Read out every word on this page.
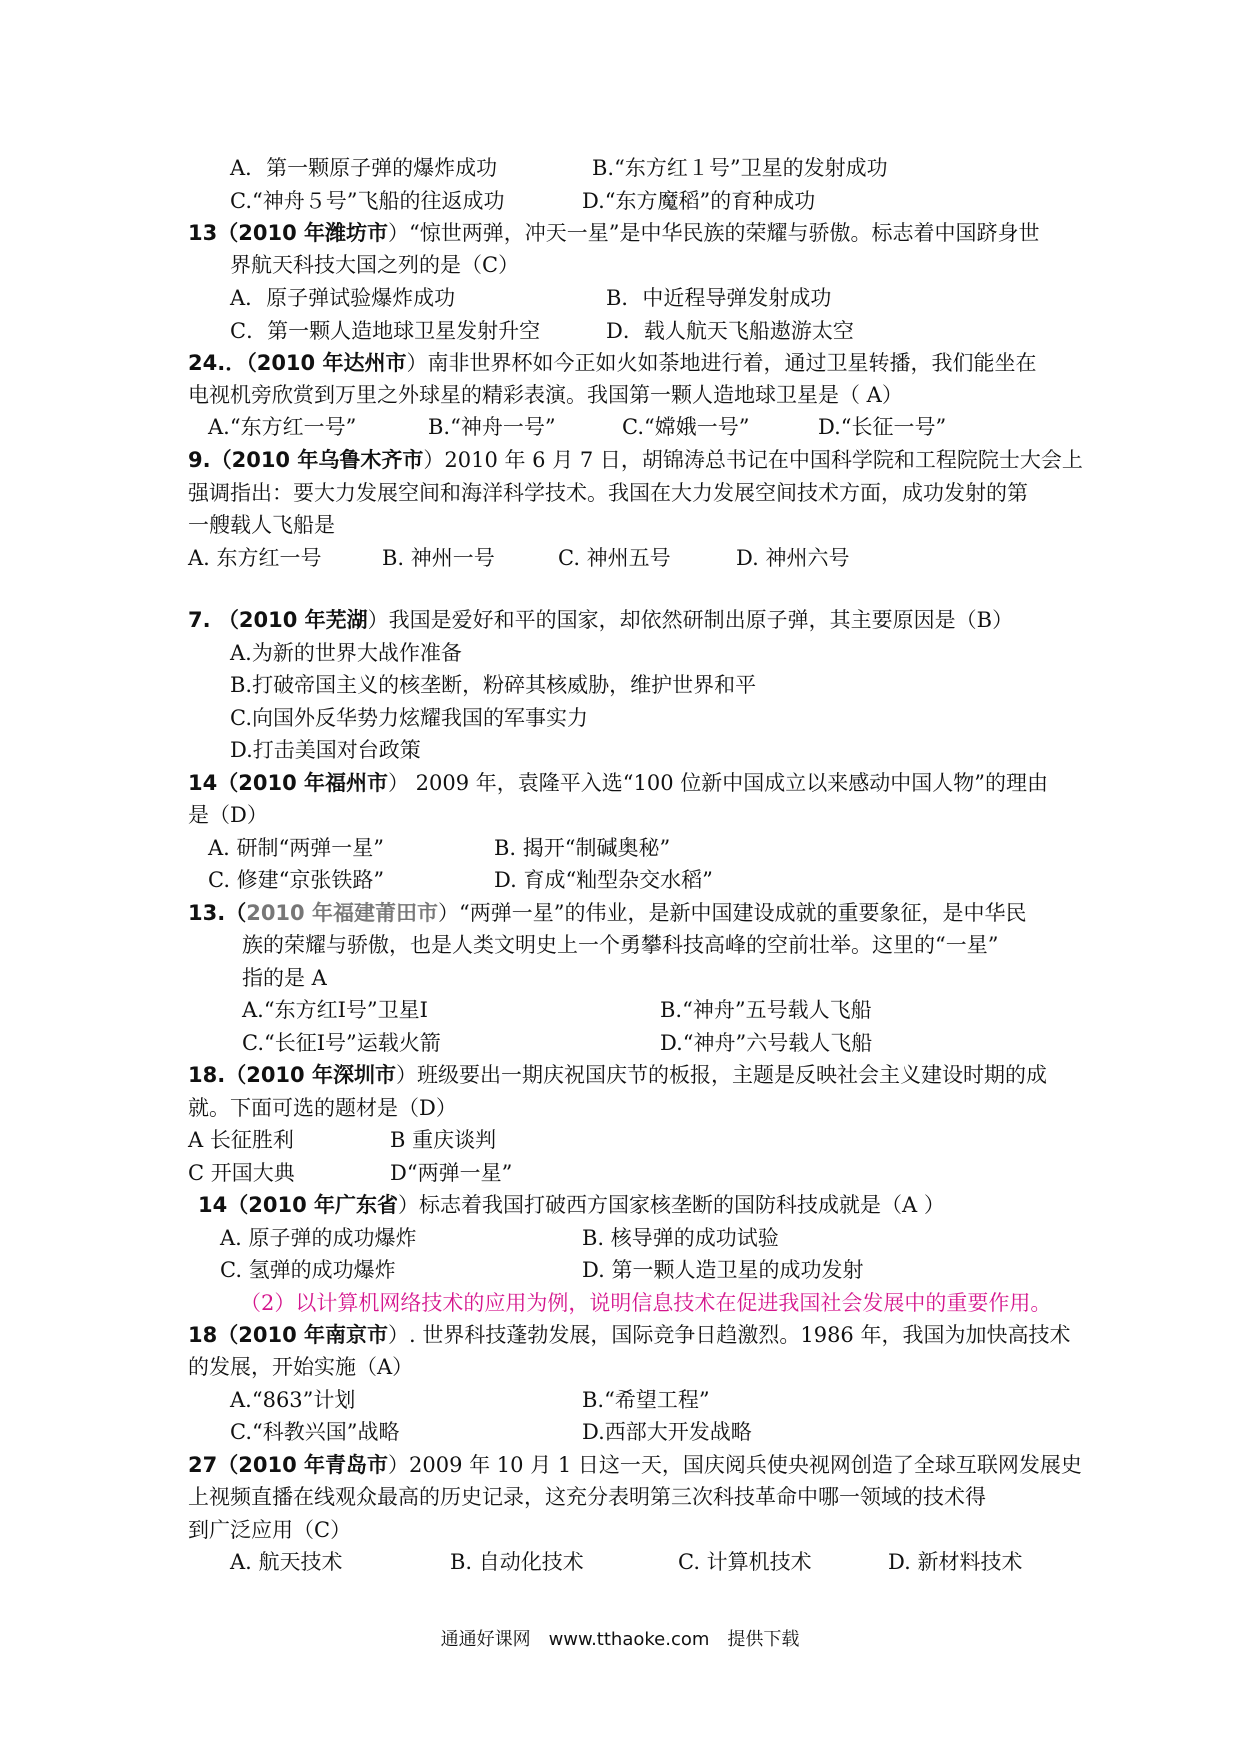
A．第一颗原子弹的爆炸成功	B.“东方红１号”卫星的发射成功
C.“神舟５号”飞船的往返成功	D.“东方魔稻”的育种成功
13（2010 年潍坊市）“惊世两弹，冲天一星”是中华民族的荣耀与骄傲。标志着中国跻身世
界航天科技大国之列的是（C）
A．原子弹试验爆炸成功	B．中近程导弹发射成功
C．第一颗人造地球卫星发射升空	D．载人航天飞船遨游太空
24.．（2010 年达州市）南非世界杯如今正如火如荼地进行着，通过卫星转播，我们能坐在
电视机旁欣赏到万里之外球星的精彩表演。我国第一颗人造地球卫星是（ A）
A.“东方红一号”	B.“神舟一号”	C.“嫦娥一号”	D.“长征一号”
9.（2010 年乌鲁木齐市）2010 年 6 月 7 日，胡锦涛总书记在中国科学院和工程院院士大会上
强调指出：要大力发展空间和海洋科学技术。我国在大力发展空间技术方面，成功发射的第
一艘载人飞船是
A. 东方红一号	B. 神州一号	C. 神州五号	D. 神州六号
7. （2010 年芜湖）我国是爱好和平的国家，却依然研制出原子弹，其主要原因是（B）
A.为新的世界大战作准备
B.打破帝国主义的核垄断，粉碎其核威胁，维护世界和平
C.向国外反华势力炫耀我国的军事实力
D.打击美国对台政策
14（2010 年福州市） 2009 年，袁隆平入选“100 位新中国成立以来感动中国人物”的理由
是（D）
A. 研制“两弹一星”	B. 揭开“制碱奥秘”
C. 修建“京张铁路”	D. 育成“籼型杂交水稻”
13.（2010 年福建莆田市）“两弹一星”的伟业，是新中国建设成就的重要象征，是中华民
族的荣耀与骄傲，也是人类文明史上一个勇攀科技高峰的空前壮举。这里的“一星”
指的是 A
A.“东方红Ⅰ号”卫星Ⅰ	B.“神舟”五号载人飞船
C.“长征Ⅰ号”运载火箭	D.“神舟”六号载人飞船
18.（2010 年深圳市）班级要出一期庆祝国庆节的板报，主题是反映社会主义建设时期的成
就。下面可选的题材是（D）
A 长征胜利	B 重庆谈判
C 开国大典	D“两弹一星”
14（2010 年广东省）标志着我国打破西方国家核垄断的国防科技成就是（A ）
A. 原子弹的成功爆炸	B. 核导弹的成功试验
C. 氢弹的成功爆炸	D. 第一颗人造卫星的成功发射
（2）以计算机网络技术的应用为例，说明信息技术在促进我国社会发展中的重要作用。
18（2010 年南京市）. 世界科技蓬勃发展，国际竞争日趋激烈。1986 年，我国为加快高技术
的发展，开始实施（A）
A.“863”计划	B.“希望工程”
C.“科教兴国”战略	D.西部大开发战略
27（2010 年青岛市）2009 年 10 月 1 日这一天，国庆阅兵使央视网创造了全球互联网发展史
上视频直播在线观众最高的历史记录，这充分表明第三次科技革命中哪一领域的技术得
到广泛应用（C）
A. 航天技术	B. 自动化技术	C. 计算机技术	D. 新材料技术
通通好课网　www.tthaoke.com　提供下载
